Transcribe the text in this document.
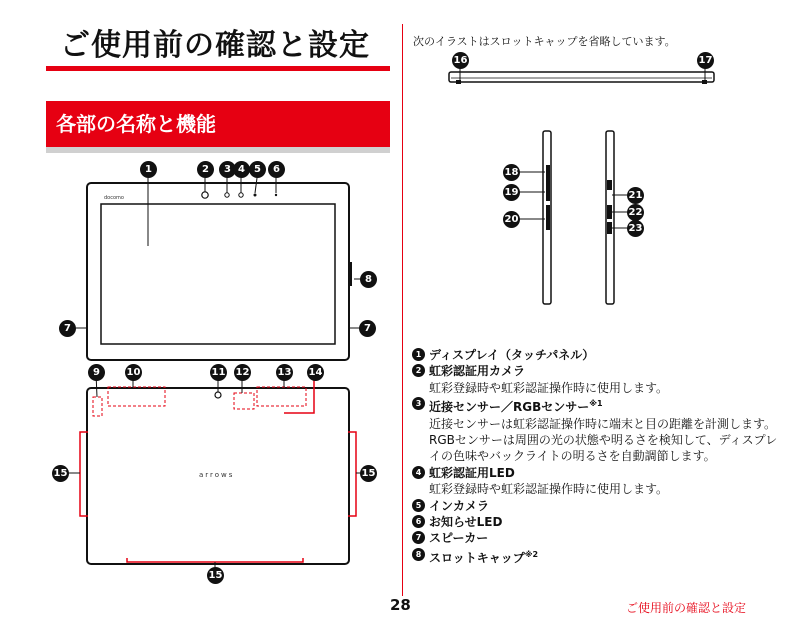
ご使用前の確認と設定
各部の名称と機能
docomo
arrows
1	2	3 4 5	6
8
7	7
9	10	11 12	13 14
15	15
15
16	17
18
19
20
21
22
23
次のイラストはスロットキャップを省略しています。
1 ディスプレイ（タッチパネル）
2 虹彩認証用カメラ
虹彩登録時や虹彩認証操作時に使用します。
3 近接センサー／RGBセンサー$^{※1}$
近接センサーは虹彩認証操作時に端末と目の距離を計測します。RGBセンサーは周囲の光の状態や明るさを検知して、ディスプレイの色味やバックライトの明るさを自動調節します。
4 虹彩認証用LED
虹彩登録時や虹彩認証操作時に使用します。
5 インカメラ
6 お知らせLED
7 スピーカー
8 スロットキャップ$^{※2}$
28	ご使用前の確認と設定
